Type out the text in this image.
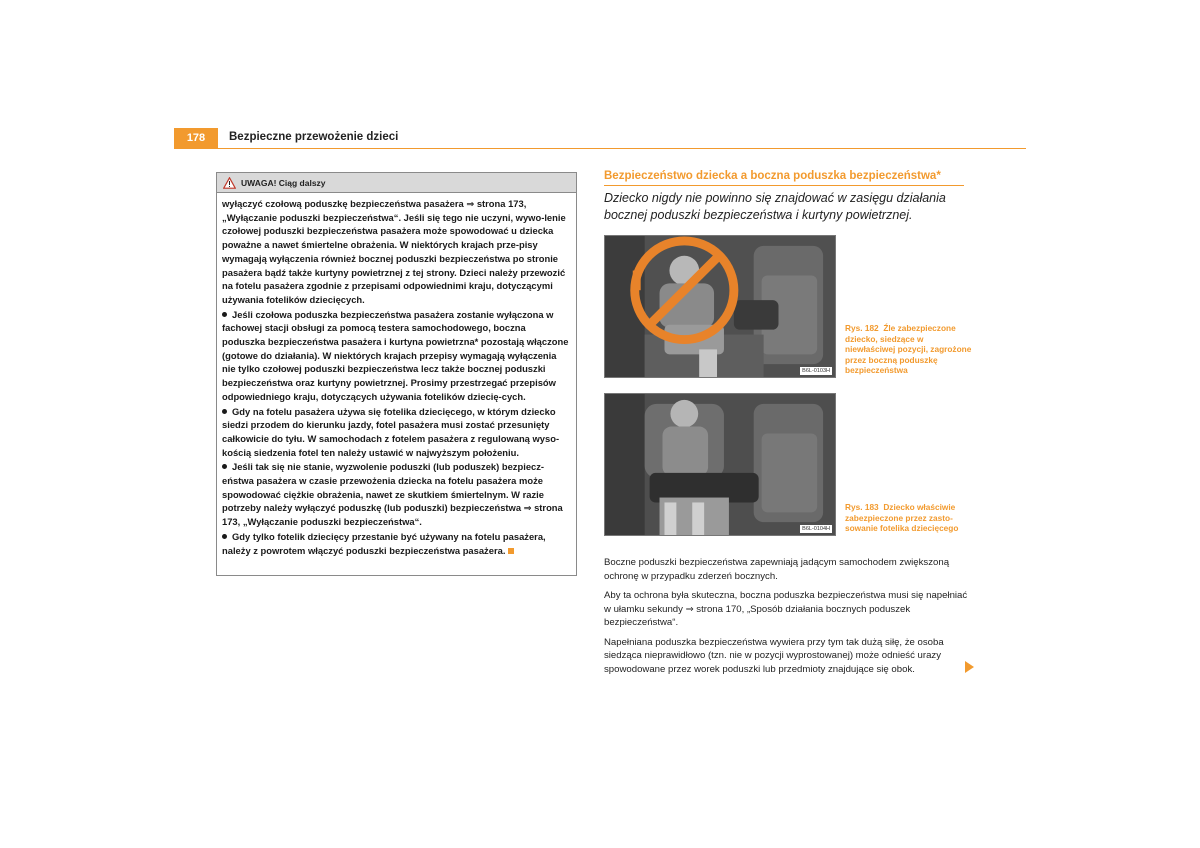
178	Bezpieczne przewożenie dzieci
UWAGA! Ciąg dalszy

wyłączyć czołową poduszkę bezpieczeństwa pasażera ⇒ strona 173, „Wyłączanie poduszki bezpieczeństwa“. Jeśli się tego nie uczyni, wywo-lenie czołowej poduszki bezpieczeństwa pasażera może spowodować u dziecka poważne a nawet śmiertelne obrażenia. W niektórych krajach prze-pisy wymagają wyłączenia również bocznej poduszki bezpieczeństwa po stronie pasażera bądź także kurtyny powietrznej z tej strony. Dzieci należy przewozić na fotelu pasażera zgodnie z przepisami odpowiednimi kraju, dotyczącymi używania fotelików dziecięcych.

Jeśli czołowa poduszka bezpieczeństwa pasażera zostanie wyłączona w fachowej stacji obsługi za pomocą testera samochodowego, boczna poduszka bezpieczeństwa pasażera i kurtyna powietrzna* pozostają włączone (gotowe do działania). W niektórych krajach przepisy wymagają wyłączenia nie tylko czołowej poduszki bezpieczeństwa lecz także bocznej poduszki bezpieczeństwa oraz kurtyny powietrznej. Prosimy przestrzegać przepisów odpowiedniego kraju, dotyczących używania fotelików dziecię-cych.

Gdy na fotelu pasażera używa się fotelika dziecięcego, w którym dziecko siedzi przodem do kierunku jazdy, fotel pasażera musi zostać przesunięty całkowicie do tyłu. W samochodach z fotelem pasażera z regulowaną wyso-kością siedzenia fotel ten należy ustawić w najwyższym położeniu.

Jeśli tak się nie stanie, wyzwolenie poduszki (lub poduszek) bezpiecz-eństwa pasażera w czasie przewożenia dziecka na fotelu pasażera może spowodować ciężkie obrażenia, nawet ze skutkiem śmiertelnym. W razie potrzeby należy wyłączyć poduszkę (lub poduszki) bezpieczeństwa ⇒ strona 173, „Wyłączanie poduszki bezpieczeństwa“.

Gdy tylko fotelik dziecięcy przestanie być używany na fotelu pasażera, należy z powrotem włączyć poduszki bezpieczeństwa pasażera.

Bezpieczeństwo dziecka a boczna poduszka bezpieczeństwa*
Dziecko nigdy nie powinno się znajdować w zasięgu działania bocznej poduszki bezpieczeństwa i kurtyny powietrznej.
B6L-0103H
B6L-0104H
Rys. 182 Źle zabezpieczone dziecko, siedzące w niewłaściwej pozycji, zagrożone przez boczną poduszkę bezpieczeństwa
Rys. 183 Dziecko właściwie zabezpieczone przez zasto-sowanie fotelika dziecięcego

Boczne poduszki bezpieczeństwa zapewniają jadącym samochodem zwiększoną ochronę w przypadku zderzeń bocznych.

Aby ta ochrona była skuteczna, boczna poduszka bezpieczeństwa musi się napełniać w ułamku sekundy ⇒ strona 170, „Sposób działania bocznych poduszek bezpieczeństwa“.

Napełniana poduszka bezpieczeństwa wywiera przy tym tak dużą siłę, że osoba siedząca nieprawidłowo (tzn. nie w pozycji wyprostowanej) może odnieść urazy spowodowane przez worek poduszki lub przedmioty znajdujące się obok.
